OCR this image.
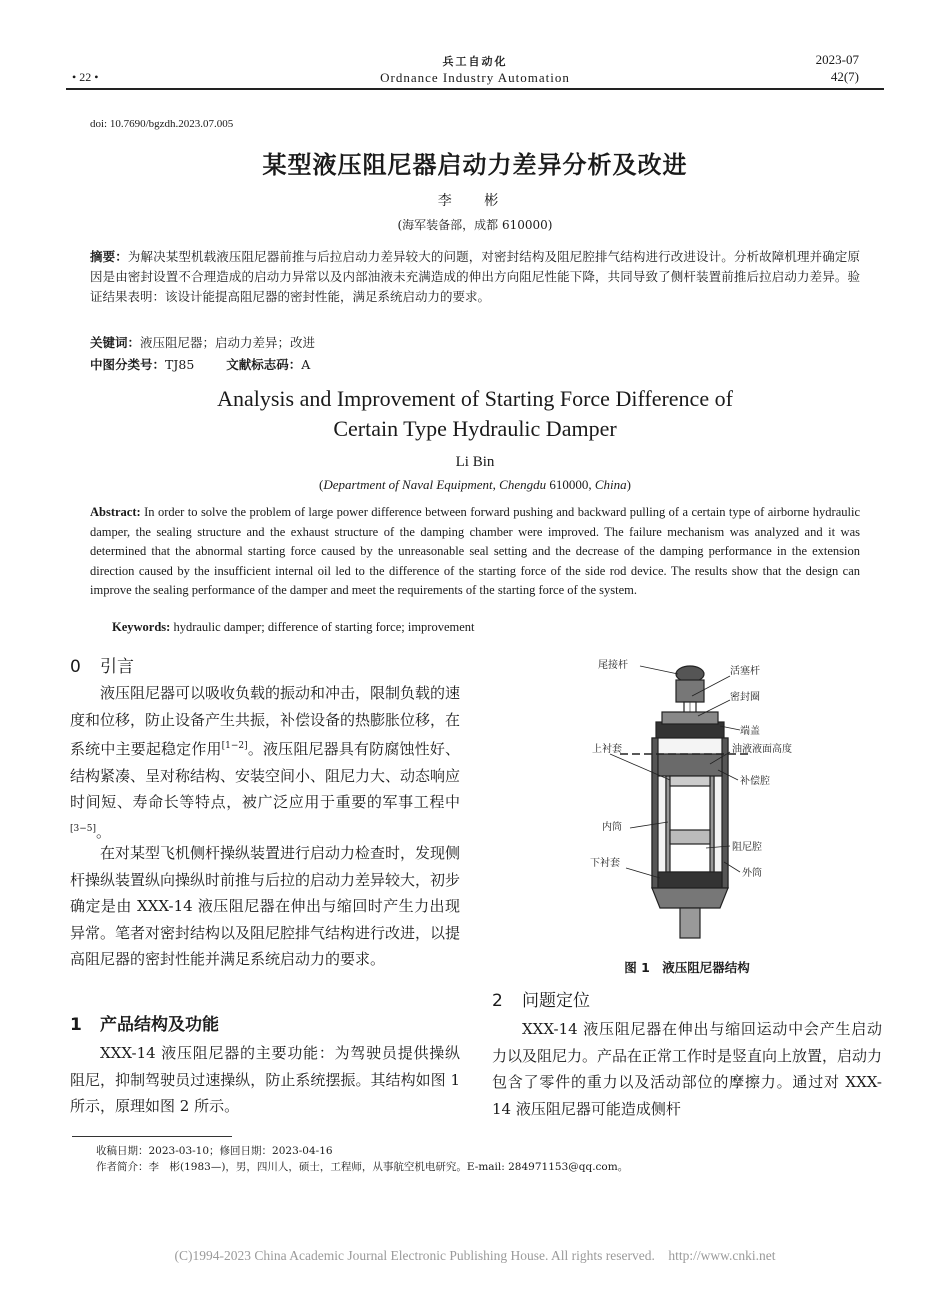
兵工自动化
Ordnance Industry Automation
• 22 •
2023-07
42(7)
doi: 10.7690/bgzdh.2023.07.005
某型液压阻尼器启动力差异分析及改进
李 彬
(海军装备部，成都 610000)
摘要：为解决某型机载液压阻尼器前推与后拉启动力差异较大的问题，对密封结构及阻尼腔排气结构进行改进设计。分析故障机理并确定原因是由密封设置不合理造成的启动力异常以及内部油液未充满造成的伸出方向阻尼性能下降，共同导致了侧杆装置前推后拉启动力差异。验证结果表明：该设计能提高阻尼器的密封性能，满足系统启动力的要求。
关键词：液压阻尼器；启动力差异；改进
中图分类号：TJ85	文献标志码：A
Analysis and Improvement of Starting Force Difference of
Certain Type Hydraulic Damper
Li Bin
(Department of Naval Equipment, Chengdu 610000, China)
Abstract: In order to solve the problem of large power difference between forward pushing and backward pulling of a certain type of airborne hydraulic damper, the sealing structure and the exhaust structure of the damping chamber were improved. The failure mechanism was analyzed and it was determined that the abnormal starting force caused by the unreasonable seal setting and the decrease of the damping performance in the extension direction caused by the insufficient internal oil led to the difference of the starting force of the side rod device. The results show that the design can improve the sealing performance of the damper and meet the requirements of the starting force of the system.
Keywords: hydraulic damper; difference of starting force; improvement
0 引言
液压阻尼器可以吸收负载的振动和冲击，限制负载的速度和位移，防止设备产生共振，补偿设备的热膨胀位移，在系统中主要起稳定作用[1−2]。液压阻尼器具有防腐蚀性好、结构紧凑、呈对称结构、安装空间小、阻尼力大、动态响应时间短、寿命长等特点，被广泛应用于重要的军事工程中[3−5]。
在对某型飞机侧杆操纵装置进行启动力检查时，发现侧杆操纵装置纵向操纵时前推与后拉的启动力差异较大，初步确定是由 XXX-14 液压阻尼器在伸出与缩回时产生力出现异常。笔者对密封结构以及阻尼腔排气结构进行改进，以提高阻尼器的密封性能并满足系统启动力的要求。
1 产品结构及功能
XXX-14 液压阻尼器的主要功能：为驾驶员提供操纵阻尼，抑制驾驶员过速操纵，防止系统摆振。其结构如图 1 所示，原理如图 2 所示。
尾接杆
活塞杆
密封圈
端盖
上衬套	油液液面高度
补偿腔
内筒
阻尼腔
下衬套
外筒
图 1　液压阻尼器结构
2 问题定位
XXX-14 液压阻尼器在伸出与缩回运动中会产生启动力以及阻尼力。产品在正常工作时是竖直向上放置，启动力包含了零件的重力以及活动部位的摩擦力。通过对 XXX-14 液压阻尼器可能造成侧杆
收稿日期：2023-03-10；修回日期：2023-04-16
作者简介：李　彬(1983—)，男，四川人，硕士，工程师，从事航空机电研究。E-mail: 284971153@qq.com。
(C)1994-2023 China Academic Journal Electronic Publishing House. All rights reserved.　http://www.cnki.net
